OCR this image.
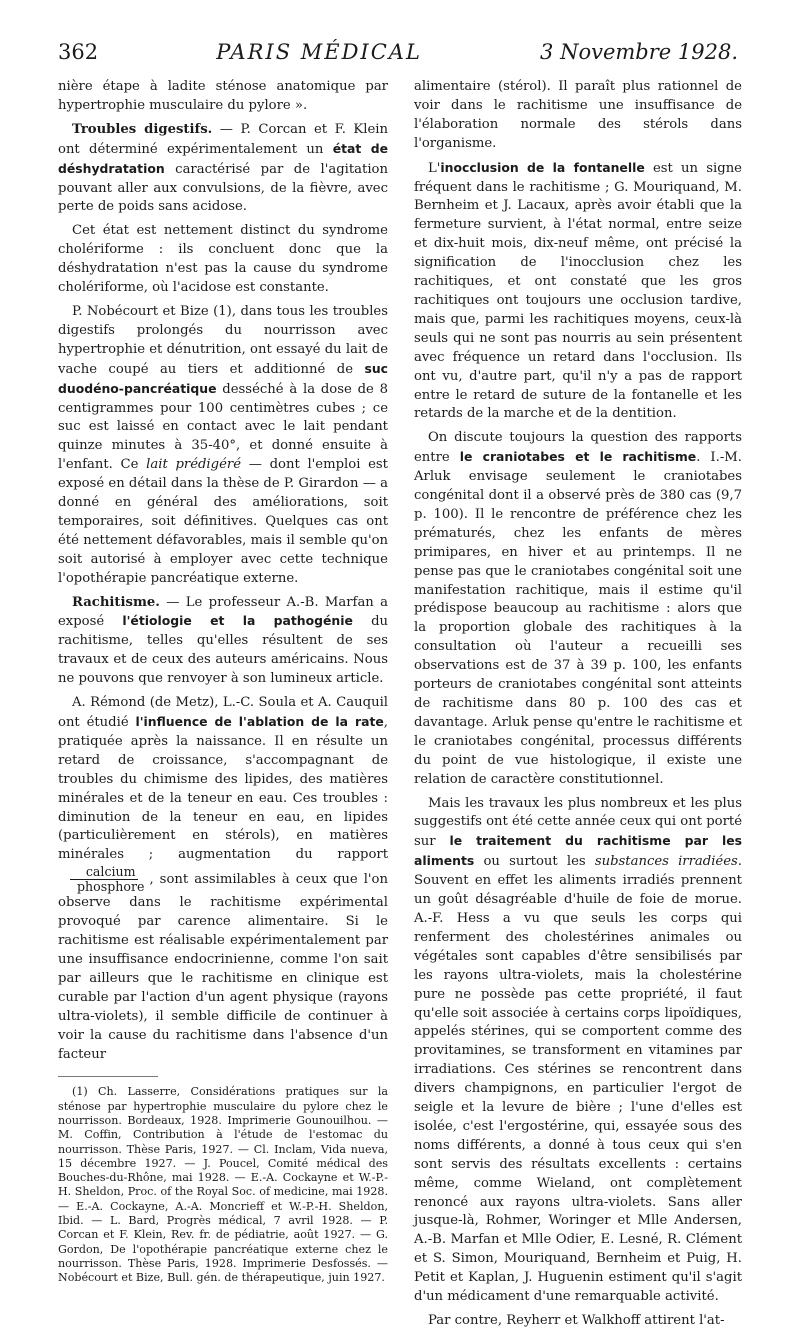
362	PARIS MÉDICAL	3 Novembre 1928.

nière étape à ladite sténose anatomique par hypertrophie musculaire du pylore ».

Troubles digestifs. — P. Corcan et F. Klein ont déterminé expérimentalement un état de déshydratation caractérisé par de l'agitation pouvant aller aux convulsions, de la fièvre, avec perte de poids sans acidose.

Cet état est nettement distinct du syndrome cholériforme : ils concluent donc que la déshydratation n'est pas la cause du syndrome cholériforme, où l'acidose est constante.

P. Nobécourt et Bize (1), dans tous les troubles digestifs prolongés du nourrisson avec hypertrophie et dénutrition, ont essayé du lait de vache coupé au tiers et additionné de suc duodéno-pancréatique desséché à la dose de 8 centigrammes pour 100 centimètres cubes ; ce suc est laissé en contact avec le lait pendant quinze minutes à 35-40°, et donné ensuite à l'enfant. Ce lait prédigéré — dont l'emploi est exposé en détail dans la thèse de P. Girardon — a donné en général des améliorations, soit temporaires, soit définitives. Quelques cas ont été nettement défavorables, mais il semble qu'on soit autorisé à employer avec cette technique l'opothérapie pancréatique externe.

Rachitisme. — Le professeur A.-B. Marfan a exposé l'étiologie et la pathogénie du rachitisme, telles qu'elles résultent de ses travaux et de ceux des auteurs américains. Nous ne pouvons que renvoyer à son lumineux article.

A. Rémond (de Metz), L.-C. Soula et A. Cauquil ont étudié l'influence de l'ablation de la rate, pratiquée après la naissance. Il en résulte un retard de croissance, s'accompagnant de troubles du chimisme des lipides, des matières minérales et de la teneur en eau. Ces troubles : diminution de la teneur en eau, en lipides (particulièrement en stérols), en matières minérales ; augmentation du rapport
$\frac{\text{calcium}}{\text{phosphore}}$ , sont assimilables à ceux que l'on observe dans le rachitisme expérimental provoqué par carence alimentaire. Si le rachitisme est réalisable expérimentalement par une insuffisance endocrinienne, comme l'on sait par ailleurs que le rachitisme en clinique est curable par l'action d'un agent physique (rayons ultra-violets), il semble difficile de continuer à voir la cause du rachitisme dans l'absence d'un facteur

(1) Ch. Lasserre, Considérations pratiques sur la sténose par hypertrophie musculaire du pylore chez le nourrisson. Bordeaux, 1928. Imprimerie Gounouilhou. — M. Coffin, Contribution à l'étude de l'estomac du nourrisson. Thèse Paris, 1927. — Cl. Inclam, Vida nueva, 15 décembre 1927. — J. Poucel, Comité médical des Bouches-du-Rhône, mai 1928. — E.-A. Cockayne et W.-P.-H. Sheldon, Proc. of the Royal Soc. of medicine, mai 1928. — E.-A. Cockayne, A.-A. Moncrieff et W.-P.-H. Sheldon, Ibid. — L. Bard, Progrès médical, 7 avril 1928. — P. Corcan et F. Klein, Rev. fr. de pédiatrie, août 1927. — G. Gordon, De l'opothérapie pancréatique externe chez le nourrisson. Thèse Paris, 1928. Imprimerie Desfossés. — Nobécourt et Bize, Bull. gén. de thérapeutique, juin 1927.

alimentaire (stérol). Il paraît plus rationnel de voir dans le rachitisme une insuffisance de l'élaboration normale des stérols dans l'organisme.

L'inocclusion de la fontanelle est un signe fréquent dans le rachitisme ; G. Mouriquand, M. Bernheim et J. Lacaux, après avoir établi que la fermeture survient, à l'état normal, entre seize et dix-huit mois, dix-neuf même, ont précisé la signification de l'inocclusion chez les rachitiques, et ont constaté que les gros rachitiques ont toujours une occlusion tardive, mais que, parmi les rachitiques moyens, ceux-là seuls qui ne sont pas nourris au sein présentent avec fréquence un retard dans l'occlusion. Ils ont vu, d'autre part, qu'il n'y a pas de rapport entre le retard de suture de la fontanelle et les retards de la marche et de la dentition.

On discute toujours la question des rapports entre le craniotabes et le rachitisme. I.-M. Arluk envisage seulement le craniotabes congénital dont il a observé près de 380 cas (9,7 p. 100). Il le rencontre de préférence chez les prématurés, chez les enfants de mères primipares, en hiver et au printemps. Il ne pense pas que le craniotabes congénital soit une manifestation rachitique, mais il estime qu'il prédispose beaucoup au rachitisme : alors que la proportion globale des rachitiques à la consultation où l'auteur a recueilli ses observations est de 37 à 39 p. 100, les enfants porteurs de craniotabes congénital sont atteints de rachitisme dans 80 p. 100 des cas et davantage. Arluk pense qu'entre le rachitisme et le craniotabes congénital, processus différents du point de vue histologique, il existe une relation de caractère constitutionnel.

Mais les travaux les plus nombreux et les plus suggestifs ont été cette année ceux qui ont porté sur le traitement du rachitisme par les aliments ou surtout les substances irradiées. Souvent en effet les aliments irradiés prennent un goût désagréable d'huile de foie de morue. A.-F. Hess a vu que seuls les corps qui renferment des cholestérines animales ou végétales sont capables d'être sensibilisés par les rayons ultra-violets, mais la cholestérine pure ne possède pas cette propriété, il faut qu'elle soit associée à certains corps lipoïdiques, appelés stérines, qui se comportent comme des provitamines, se transforment en vitamines par irradiations. Ces stérines se rencontrent dans divers champignons, en particulier l'ergot de seigle et la levure de bière ; l'une d'elles est isolée, c'est l'ergostérine, qui, essayée sous des noms différents, a donné à tous ceux qui s'en sont servis des résultats excellents : certains même, comme Wieland, ont complètement renoncé aux rayons ultra-violets. Sans aller jusque-là, Rohmer, Woringer et Mlle Andersen, A.-B. Marfan et Mlle Odier, E. Lesné, R. Clément et S. Simon, Mouriquand, Bernheim et Puig, H. Petit et Kaplan, J. Huguenin estiment qu'il s'agit d'un médicament d'une remarquable activité.

Par contre, Reyherr et Walkhoff attirent l'at-
